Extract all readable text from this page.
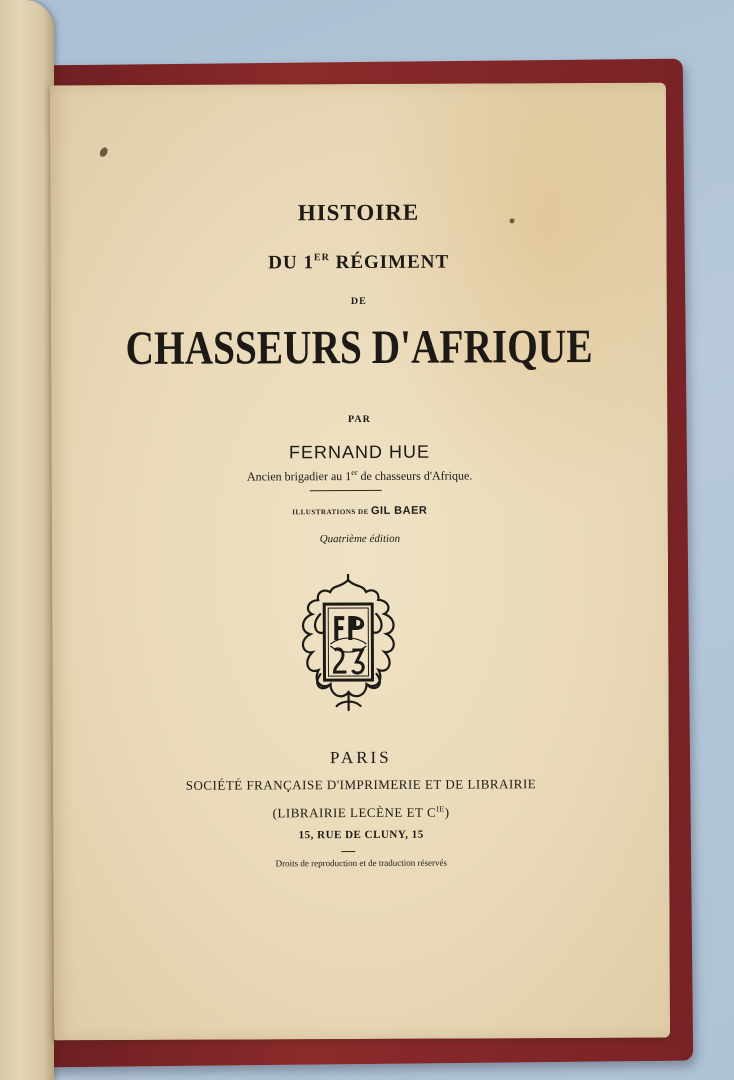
HISTOIRE
DU 1ER RÉGIMENT
DE
CHASSEURS D'AFRIQUE
PAR
FERNAND HUE
Ancien brigadier au 1er de chasseurs d'Afrique.
ILLUSTRATIONS DE GIL BAER
Quatrième édition
PARIS
SOCIÉTÉ FRANÇAISE D'IMPRIMERIE ET DE LIBRAIRIE
(LIBRAIRIE LECÈNE ET $C^{IE}$)
15, RUE DE CLUNY, 15
Droits de reproduction et de traduction réservés
